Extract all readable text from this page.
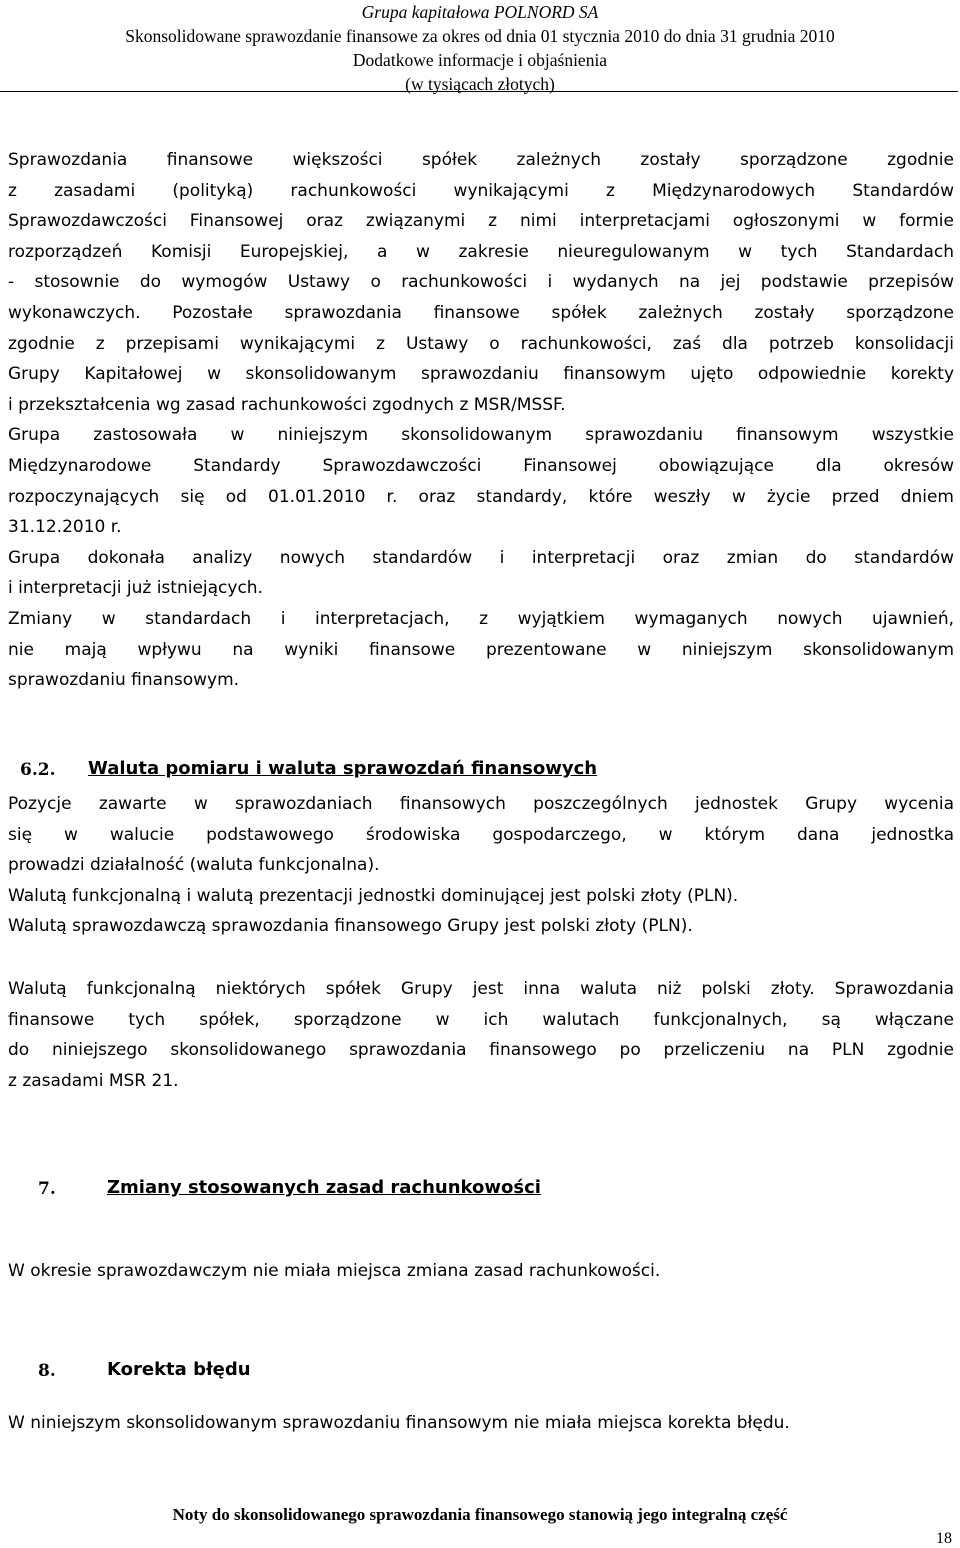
Grupa kapitałowa POLNORD SA
Skonsolidowane sprawozdanie finansowe za okres od dnia 01 stycznia 2010 do dnia 31 grudnia 2010
Dodatkowe informacje i objaśnienia
(w tysiącach złotych)
Sprawozdania finansowe większości spółek zależnych zostały sporządzone zgodnie
z zasadami (polityką) rachunkowości wynikającymi z Międzynarodowych Standardów
Sprawozdawczości Finansowej oraz związanymi z nimi interpretacjami ogłoszonymi w formie
rozporządzeń Komisji Europejskiej, a w zakresie nieuregulowanym w tych Standardach
- stosownie do wymogów Ustawy o rachunkowości i wydanych na jej podstawie przepisów
wykonawczych. Pozostałe sprawozdania finansowe spółek zależnych zostały sporządzone
zgodnie z przepisami wynikającymi z Ustawy o rachunkowości, zaś dla potrzeb konsolidacji
Grupy Kapitałowej w skonsolidowanym sprawozdaniu finansowym ujęto odpowiednie korekty
i przekształcenia wg zasad rachunkowości zgodnych z MSR/MSSF.
Grupa zastosowała w niniejszym skonsolidowanym sprawozdaniu finansowym wszystkie
Międzynarodowe Standardy Sprawozdawczości Finansowej obowiązujące dla okresów
rozpoczynających się od 01.01.2010 r. oraz standardy, które weszły w życie przed dniem
31.12.2010 r.
Grupa dokonała analizy nowych standardów i interpretacji oraz zmian do standardów
i interpretacji już istniejących.
Zmiany w standardach i interpretacjach, z wyjątkiem wymaganych nowych ujawnień,
nie mają wpływu na wyniki finansowe prezentowane w niniejszym skonsolidowanym
sprawozdaniu finansowym.
6.2. Waluta pomiaru i waluta sprawozdań finansowych
Pozycje zawarte w sprawozdaniach finansowych poszczególnych jednostek Grupy wycenia
się w walucie podstawowego środowiska gospodarczego, w którym dana jednostka
prowadzi działalność (waluta funkcjonalna).
Walutą funkcjonalną i walutą prezentacji jednostki dominującej jest polski złoty (PLN).
Walutą sprawozdawczą sprawozdania finansowego Grupy jest polski złoty (PLN).
Walutą funkcjonalną niektórych spółek Grupy jest inna waluta niż polski złoty. Sprawozdania
finansowe tych spółek, sporządzone w ich walutach funkcjonalnych, są włączane
do niniejszego skonsolidowanego sprawozdania finansowego po przeliczeniu na PLN zgodnie
z zasadami MSR 21.
7.	Zmiany stosowanych zasad rachunkowości
W okresie sprawozdawczym nie miała miejsca zmiana zasad rachunkowości.
8.	Korekta błędu
W niniejszym skonsolidowanym sprawozdaniu finansowym nie miała miejsca korekta błędu.
Noty do skonsolidowanego sprawozdania finansowego stanowią jego integralną część
18
